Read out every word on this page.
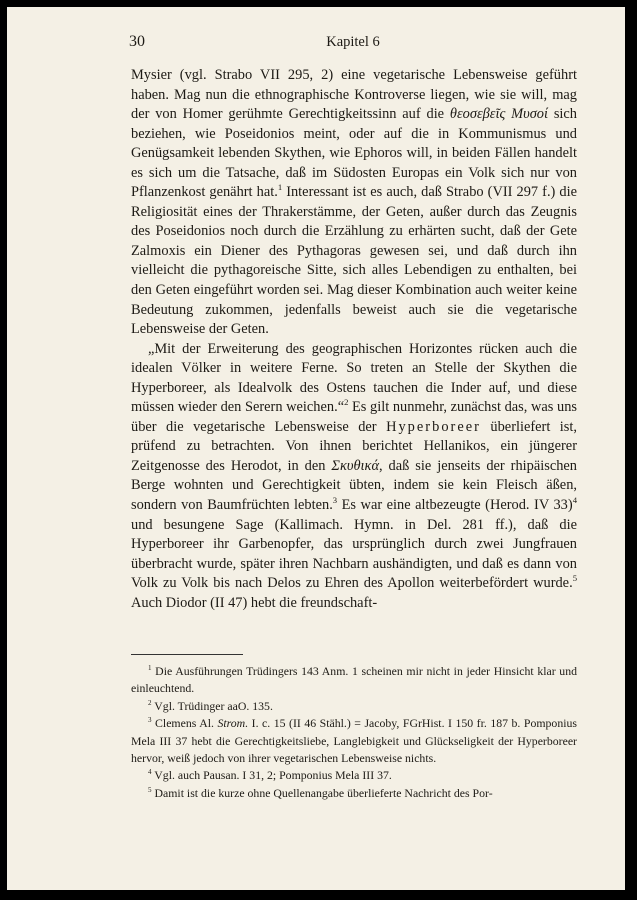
30	Kapitel 6

Mysier (vgl. Strabo VII 295, 2) eine vegetarische Lebensweise geführt haben. Mag nun die ethnographische Kontroverse liegen, wie sie will, mag der von Homer gerühmte Gerechtigkeitssinn auf die θεοσεβεῖς Μυσοί sich beziehen, wie Poseidonios meint, oder auf die in Kommunismus und Genügsamkeit lebenden Skythen, wie Ephoros will, in beiden Fällen handelt es sich um die Tatsache, daß im Südosten Europas ein Volk sich nur von Pflanzenkost genährt hat.$^1$ Interessant ist es auch, daß Strabo (VII 297 f.) die Religiosität eines der Thrakerstämme, der Geten, außer durch das Zeugnis des Poseidonios noch durch die Erzählung zu erhärten sucht, daß der Gete Zalmoxis ein Diener des Pythagoras gewesen sei, und daß durch ihn vielleicht die pythagoreische Sitte, sich alles Lebendigen zu enthalten, bei den Geten eingeführt worden sei. Mag dieser Kombination auch weiter keine Bedeutung zukommen, jedenfalls beweist auch sie die vegetarische Lebensweise der Geten.

„Mit der Erweiterung des geographischen Horizontes rücken auch die idealen Völker in weitere Ferne. So treten an Stelle der Skythen die Hyperboreer, als Idealvolk des Ostens tauchen die Inder auf, und diese müssen wieder den Serern weichen.“$^2$ Es gilt nunmehr, zunächst das, was uns über die vegetarische Lebensweise der Hyperboreer überliefert ist, prüfend zu betrachten. Von ihnen berichtet Hellanikos, ein jüngerer Zeitgenosse des Herodot, in den Σκυθικά, daß sie jenseits der rhipäischen Berge wohnten und Gerechtigkeit übten, indem sie kein Fleisch äßen, sondern von Baumfrüchten lebten.$^3$ Es war eine altbezeugte (Herod. IV 33)$^4$ und besungene Sage (Kallimach. Hymn. in Del. 281 ff.), daß die Hyperboreer ihr Garbenopfer, das ursprünglich durch zwei Jungfrauen überbracht wurde, später ihren Nachbarn aushändigten, und daß es dann von Volk zu Volk bis nach Delos zu Ehren des Apollon weiterbefördert wurde.$^5$ Auch Diodor (II 47) hebt die freundschaft-

$^1$ Die Ausführungen Trüdingers 143 Anm. 1 scheinen mir nicht in jeder Hinsicht klar und einleuchtend.

$^2$ Vgl. Trüdinger aaO. 135.

$^3$ Clemens Al. Strom. I. c. 15 (II 46 Stähl.) = Jacoby, FGrHist. I 150 fr. 187 b. Pomponius Mela III 37 hebt die Gerechtigkeitsliebe, Langlebigkeit und Glückseligkeit der Hyperboreer hervor, weiß jedoch von ihrer vegetarischen Lebensweise nichts.

$^4$ Vgl. auch Pausan. I 31, 2; Pomponius Mela III 37.

$^5$ Damit ist die kurze ohne Quellenangabe überlieferte Nachricht des Por-
